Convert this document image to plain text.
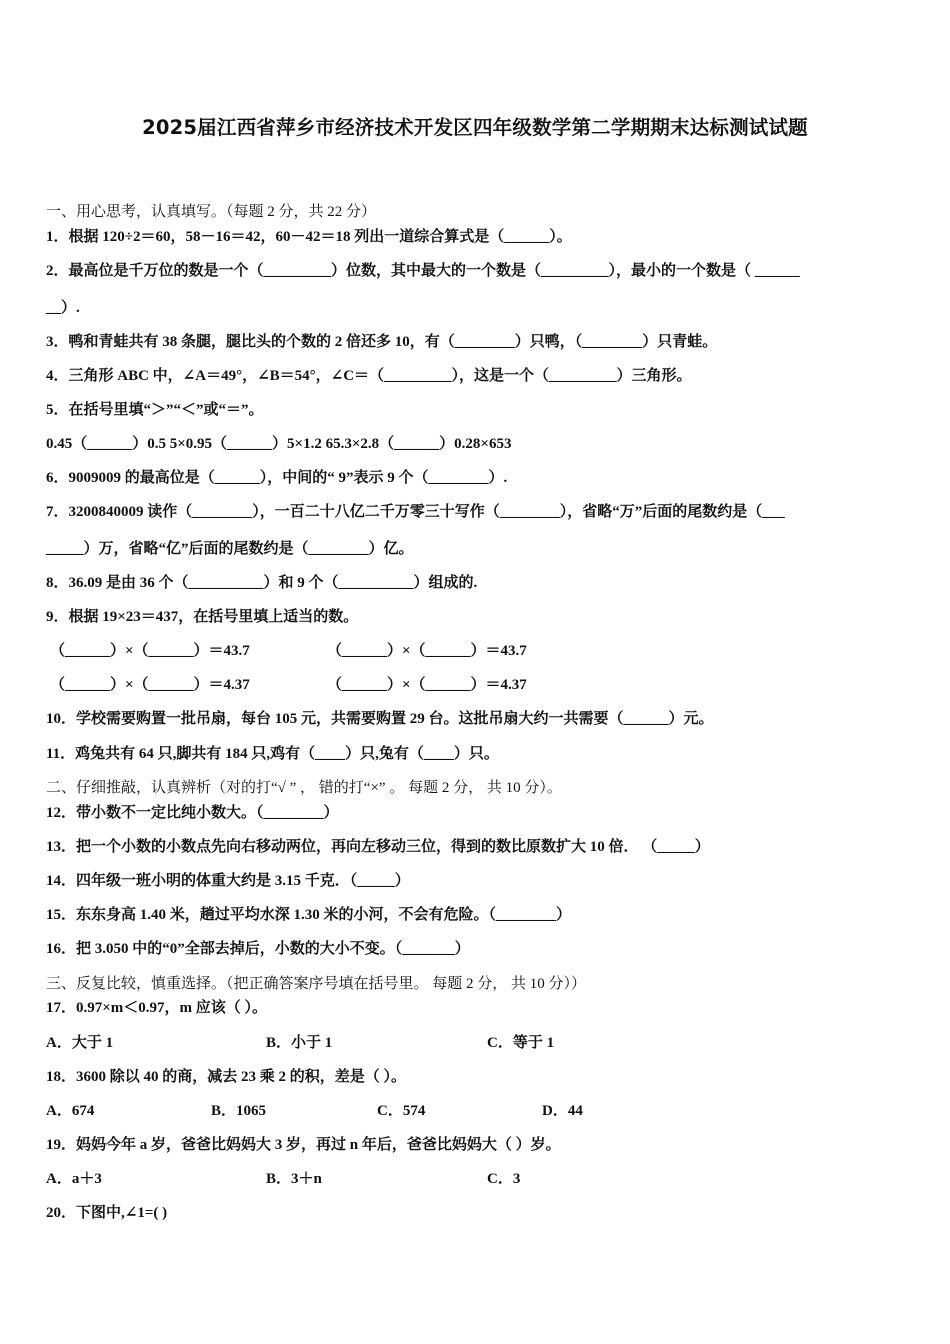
2025届江西省萍乡市经济技术开发区四年级数学第二学期期末达标测试试题
一、用心思考，认真填写。（每题 2 分，共 22 分）
1．根据 120÷2＝60，58－16＝42，60－42＝18 列出一道综合算式是（______）。
2．最高位是千万位的数是一个（_________）位数，其中最大的一个数是（_________），最小的一个数是（ ______
__）.
3．鸭和青蛙共有 38 条腿，腿比头的个数的 2 倍还多 10，有（________）只鸭，（________）只青蛙。
4．三角形 ABC 中，∠A＝49°，∠B＝54°，∠C＝（_________），这是一个（_________）三角形。
5．在括号里填“＞”“＜”或“＝”。
0.45（______）0.5 5×0.95（______）5×1.2 65.3×2.8（______）0.28×653
6．9009009 的最高位是（______），中间的“ 9”表示 9 个（________）.
7．3200840009 读作（________），一百二十八亿二千万零三十写作（________），省略“万”后面的尾数约是（___
_____）万，省略“亿”后面的尾数约是（________）亿。
8．36.09 是由 36 个（__________）和 9 个（__________）组成的.
9．根据 19×23＝437，在括号里填上适当的数。
（______）×（______）＝43.7	（______）×（______）＝43.7
（______）×（______）＝4.37	（______）×（______）＝4.37
10．学校需要购置一批吊扇，每台 105 元，共需要购置 29 台。这批吊扇大约一共需要（______）元。
11．鸡兔共有 64 只,脚共有 184 只,鸡有（____）只,兔有（____）只。
二、仔细推敲，认真辨析（对的打“√ ” ， 错的打“×” 。 每题 2 分， 共 10 分）。
12．带小数不一定比纯小数大。（________）
13．把一个小数的小数点先向右移动两位，再向左移动三位，得到的数比原数扩大 10 倍． （_____）
14．四年级一班小明的体重大约是 3.15 千克．（_____）
15．东东身高 1.40 米，趟过平均水深 1.30 米的小河，不会有危险。（________）
16．把 3.050 中的“0”全部去掉后，小数的大小不变。（_______）
三、反复比较，慎重选择。（把正确答案序号填在括号里。 每题 2 分， 共 10 分））
17．0.97×m＜0.97，m 应该（ ）。
A．大于 1	B．小于 1	C．等于 1
18．3600 除以 40 的商，减去 23 乘 2 的积，差是（ ）。
A．674	B．1065	C．574	D．44
19．妈妈今年 a 岁，爸爸比妈妈大 3 岁，再过 n 年后，爸爸比妈妈大（ ）岁。
A．a＋3	B．3＋n	C．3
20．下图中,∠1=( )
